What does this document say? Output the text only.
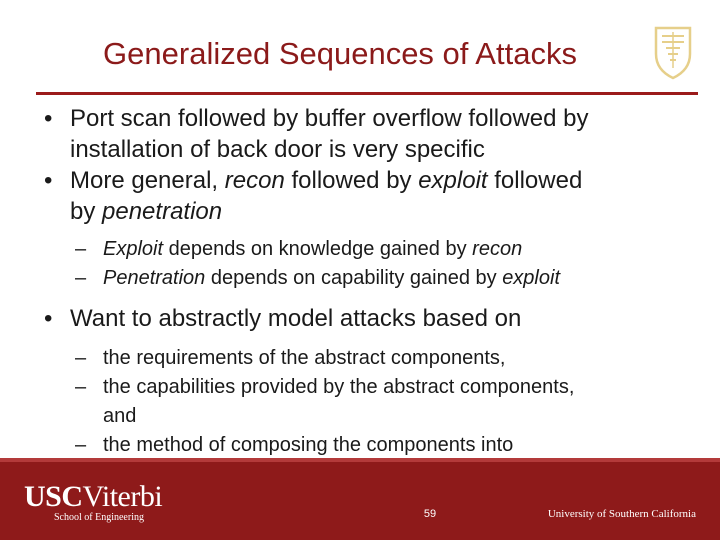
Generalized Sequences of Attacks
• Port scan followed by buffer overflow followed by
installation of back door is very specific
• More general, recon followed by exploit followed
by penetration
– Exploit depends on knowledge gained by recon
– Penetration depends on capability gained by exploit
• Want to abstractly model attacks based on
– the requirements of the abstract components,
– the capabilities provided by the abstract components,
and
– the method of composing the components into
USCViterbi
School of Engineering	59	University of Southern California
